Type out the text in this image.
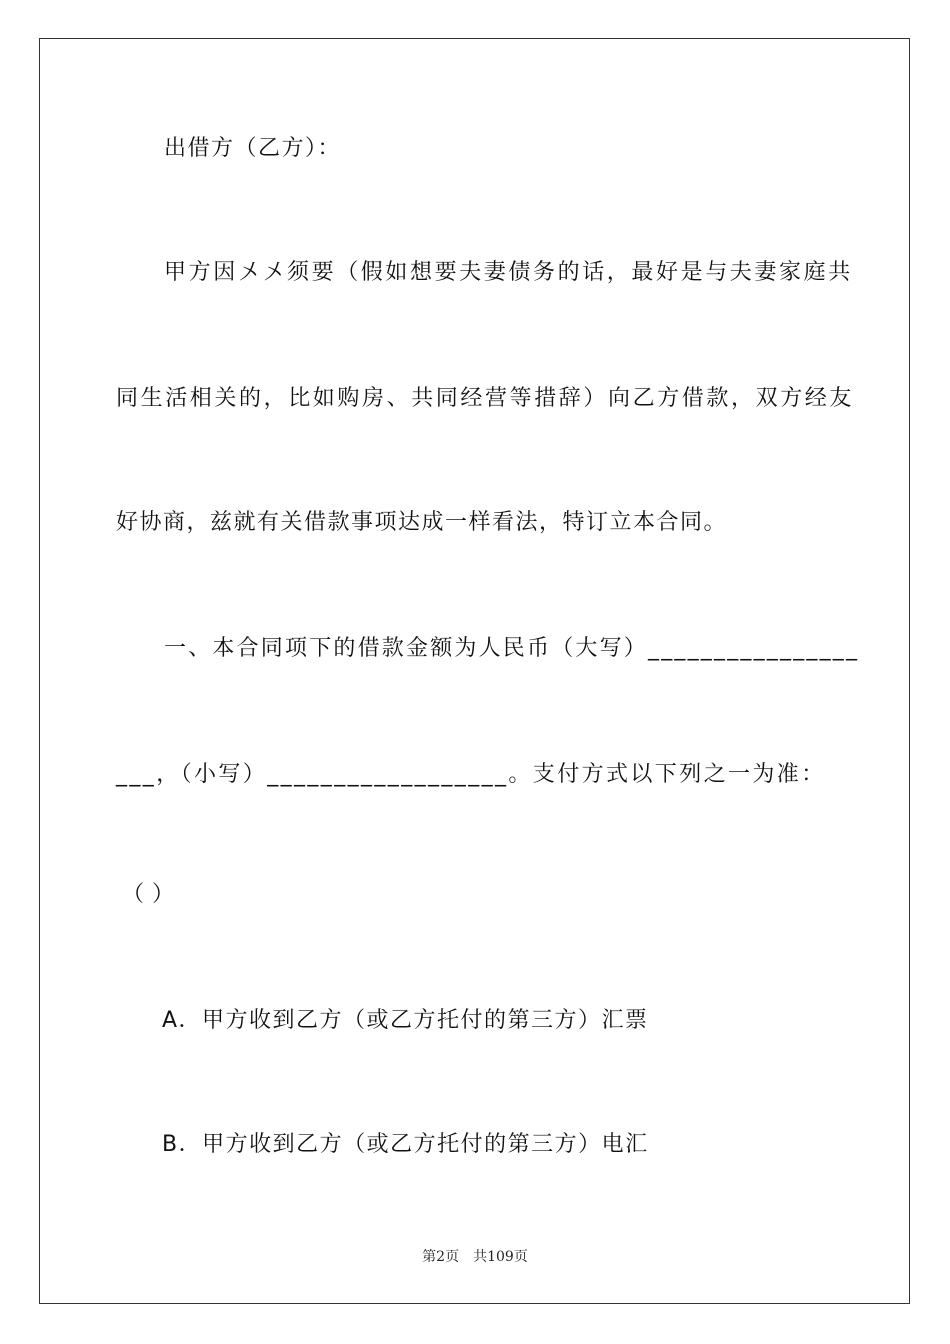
出借方（乙方）：
甲方因〤〤须要（假如想要夫妻债务的话，最好是与夫妻家庭共
同生活相关的，比如购房、共同经营等措辞）向乙方借款，双方经友
好协商，兹就有关借款事项达成一样看法，特订立本合同。
一、本合同项下的借款金额为人民币（大写）________________
___，（小写）__________________。支付方式以下列之一为准：
（）
A．甲方收到乙方（或乙方托付的第三方）汇票
B．甲方收到乙方（或乙方托付的第三方）电汇
第2页 共109页
